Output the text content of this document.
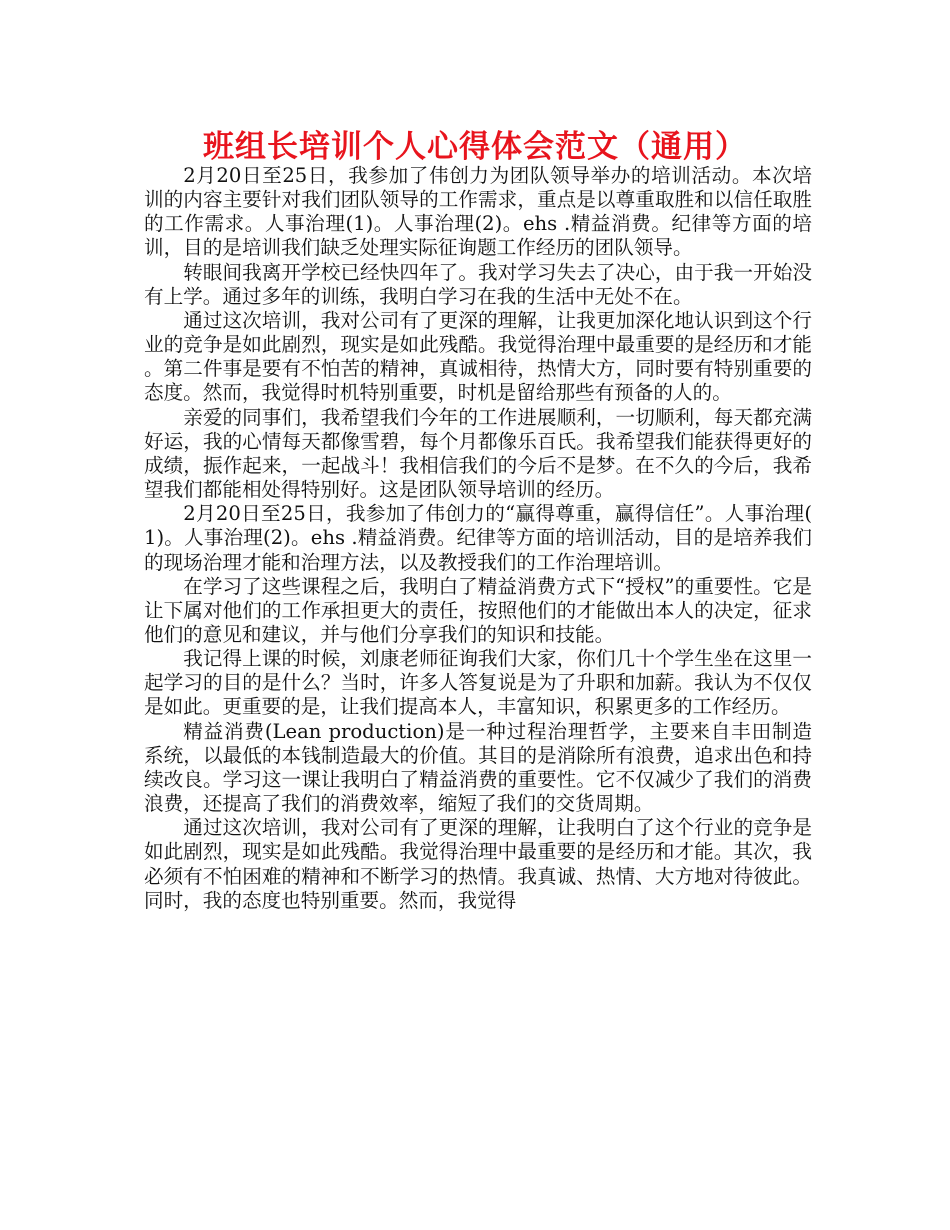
班组长培训个人心得体会范文（通用）

2月20日至25日，我参加了伟创力为团队领导举办的培训活动。本次培训的内容主要针对我们团队领导的工作需求，重点是以尊重取胜和以信任取胜的工作需求。人事治理(1)。人事治理(2)。ehs .精益消费。纪律等方面的培训，目的是培训我们缺乏处理实际征询题工作经历的团队领导。

转眼间我离开学校已经快四年了。我对学习失去了决心，由于我一开始没有上学。通过多年的训练，我明白学习在我的生活中无处不在。

通过这次培训，我对公司有了更深的理解，让我更加深化地认识到这个行业的竞争是如此剧烈，现实是如此残酷。我觉得治理中最重要的是经历和才能。第二件事是要有不怕苦的精神，真诚相待，热情大方，同时要有特别重要的态度。然而，我觉得时机特别重要，时机是留给那些有预备的人的。

亲爱的同事们，我希望我们今年的工作进展顺利，一切顺利，每天都充满好运，我的心情每天都像雪碧，每个月都像乐百氏。我希望我们能获得更好的成绩，振作起来，一起战斗！我相信我们的今后不是梦。在不久的今后，我希望我们都能相处得特别好。这是团队领导培训的经历。

2月20日至25日，我参加了伟创力的“赢得尊重，赢得信任”。人事治理(1)。人事治理(2)。ehs .精益消费。纪律等方面的培训活动，目的是培养我们的现场治理才能和治理方法，以及教授我们的工作治理培训。

在学习了这些课程之后，我明白了精益消费方式下“授权”的重要性。它是让下属对他们的工作承担更大的责任，按照他们的才能做出本人的决定，征求他们的意见和建议，并与他们分享我们的知识和技能。

我记得上课的时候，刘康老师征询我们大家，你们几十个学生坐在这里一起学习的目的是什么？当时，许多人答复说是为了升职和加薪。我认为不仅仅是如此。更重要的是，让我们提高本人，丰富知识，积累更多的工作经历。

精益消费(Lean production)是一种过程治理哲学，主要来自丰田制造系统，以最低的本钱制造最大的价值。其目的是消除所有浪费，追求出色和持续改良。学习这一课让我明白了精益消费的重要性。它不仅减少了我们的消费浪费，还提高了我们的消费效率，缩短了我们的交货周期。

通过这次培训，我对公司有了更深的理解，让我明白了这个行业的竞争是如此剧烈，现实是如此残酷。我觉得治理中最重要的是经历和才能。其次，我必须有不怕困难的精神和不断学习的热情。我真诚、热情、大方地对待彼此。同时，我的态度也特别重要。然而，我觉得
